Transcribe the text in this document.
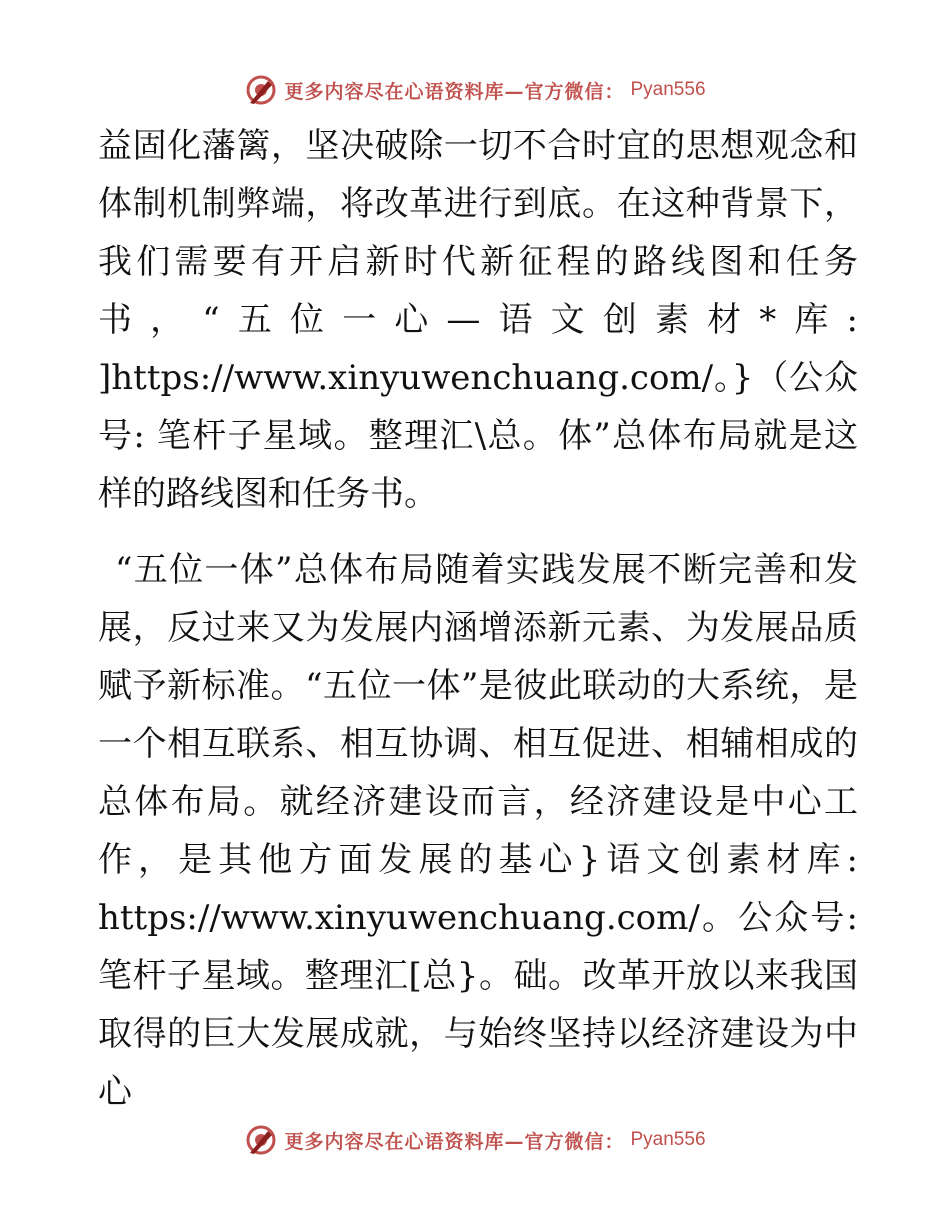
更多内容尽在心语资料库—官方微信： Pyan556

益固化藩篱，坚决破除一切不合时宜的思想观念和体制机制弊端，将改革进行到底。在这种背景下，我们需要有开启新时代新征程的路线图和任务书，“五位一心—语文创素材*库: ]https://www.xinyuwenchuang.com/。}（公众号: 笔杆子星域。整理汇\总。体”总体布局就是这样的路线图和任务书。

“五位一体”总体布局随着实践发展不断完善和发展，反过来又为发展内涵增添新元素、为发展品质赋予新标准。“五位一体”是彼此联动的大系统，是一个相互联系、相互协调、相互促进、相辅相成的总体布局。就经济建设而言，经济建设是中心工作，是其他方面发展的基心}语文创素材库: https://www.xinyuwenchuang.com/。公众号: 笔杆子星域。整理汇[总}。础。改革开放以来我国取得的巨大发展成就，与始终坚持以经济建设为中心

更多内容尽在心语资料库—官方微信： Pyan556
